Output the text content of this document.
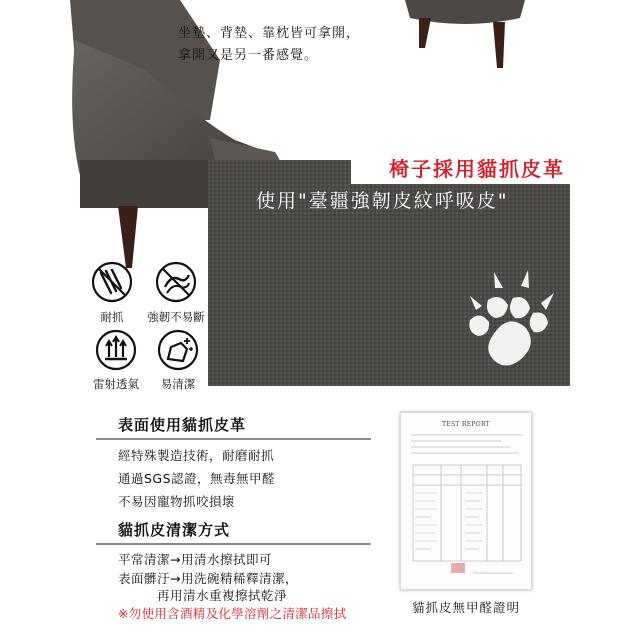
坐墊、背墊、靠枕皆可拿開，
拿開又是另一番感覺。
椅子採用貓抓皮革
使用"臺疆強韌皮紋呼吸皮"
耐抓	強韌不易斷
雷射透氣	易清潔
表面使用貓抓皮革
經特殊製造技術，耐磨耐抓
通過SGS認證，無毒無甲醛
不易因寵物抓咬損壞
貓抓皮清潔方式
平常清潔→用清水擦拭即可
表面髒汙→用洗碗精稀釋清潔，
再用清水重複擦拭乾淨
※勿使用含酒精及化學溶劑之清潔品擦拭
TEST REPORT
貓抓皮無甲醛證明
